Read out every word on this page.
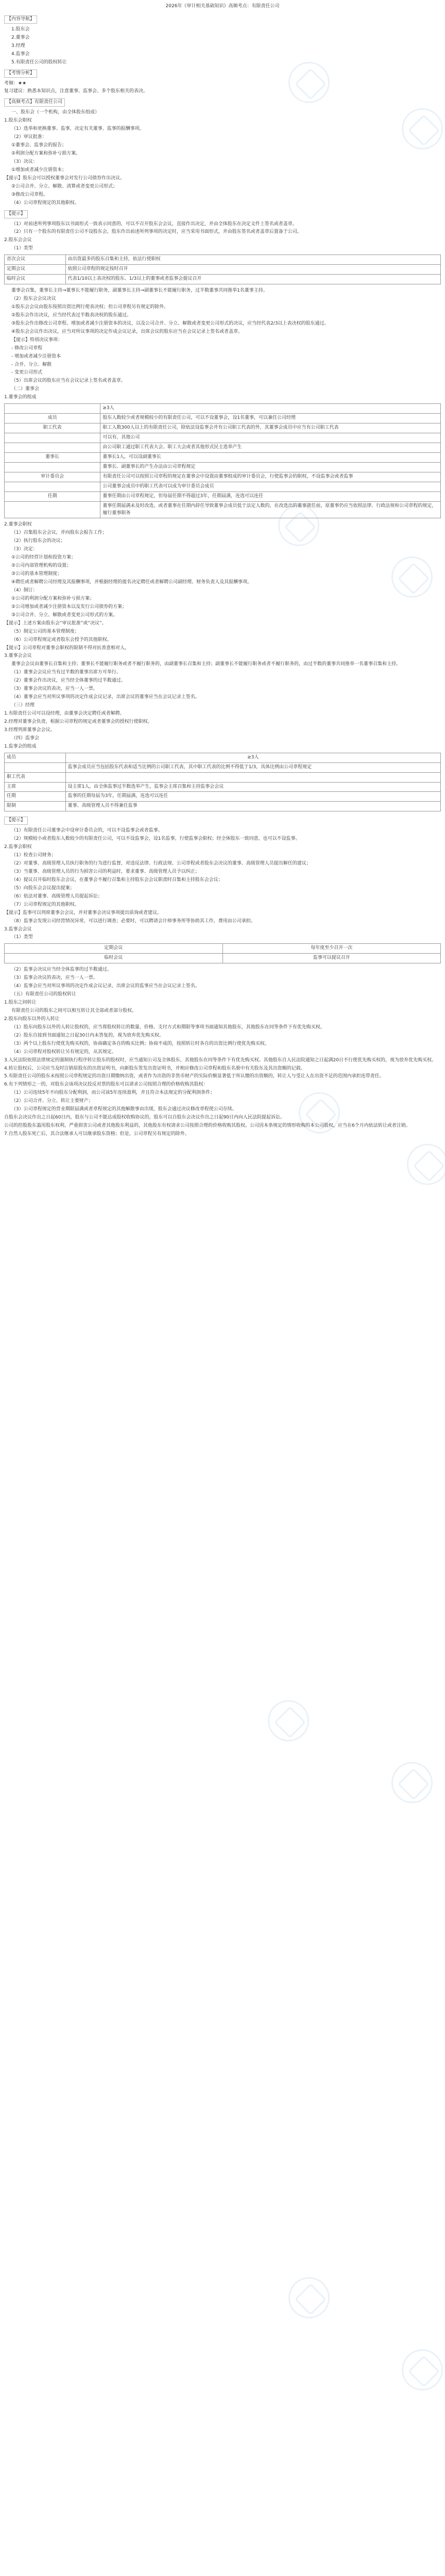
2026年《审计相关基础知识》高频考点：有限责任公司
【内容导航】
1.股东会
2.董事会
3.经理
4.监事会
5.有限责任公司的股权转让
【考情分析】
考频：★★
复习建议：熟悉本知识点，注意董事、监事会、多个股东相关的表决。
【高频考点】有限责任公司
一、股东会（一个机构，由全体股东组成）
1.股东会职权
（1）选举和更换董事、监事，决定有关董事、监事的报酬事项。
（2）审议批准：
①董事会、监事会的报告；
②利润分配方案和弥补亏损方案。
（3）决议：
①增加或者减少注册资本；
【提示】股东会可以授权董事会对发行公司债券作出决议。
②公司合并、分立、解散、清算或者变更公司形式；
③修改公司章程。
（4）公司章程规定的其他职权。
【提示】
（1）对前述所列事项股东以书面形式一致表示同意的，可以不召开股东会会议，直接作出决定，并由全体股东在决定文件上签名或者盖章。
（2）只有一个股东的有限责任公司不设股东会，股东作出前述所列事项的决定时，应当采用书面形式，并由股东签名或者盖章后置备于公司。
2.股东会会议
（1）类型
首次会议	由出资最多的股东召集和主持，依法行使职权
定期会议	依照公司章程的规定按时召开
临时会议	代表1/10以上表决权的股东、1/3以上的董事或者监事会提议召开
董事会召集，董事长主持→董事长不能履行职务，副董事长主持→副董事长不能履行职务，过半数董事共同推举1名董事主持。
（2）股东会会议决议
①股东会会议由股东按照出资比例行使表决权；但公司章程另有规定的除外。
②股东会作出决议，应当经代表过半数表决权的股东通过。
③股东会作出修改公司章程、增加或者减少注册资本的决议，以及公司合并、分立、解散或者变更公司形式的决议，应当经代表2/3以上表决权的股东通过。
④股东会会议作出决议，应当对所议事项的决定作成会议记录，出席会议的股东应当在会议记录上签名或者盖章。
【提示】特别决议事项：
- 修改公司章程
- 增加或者减少注册资本
- 合并、分立、解散
- 变更公司形式
（5）出席会议的股东应当在会议记录上签名或者盖章。
（二）董事会
1.董事会的组成
	≥3人
成员	股东人数较少或者规模较小的有限责任公司，可以不设董事会，设1名董事，可以兼任公司经理
职工代表	职工人数300人以上的有限责任公司，除依法设监事会并有公司职工代表的外，其董事会成员中应当有公司职工代表
	可以有，其他公司
	由公司职工通过职工代表大会、职工大会或者其他形式民主选举产生
董事长	董事长1人，可以设副董事长
	董事长、副董事长的产生办法由公司章程规定
审计委员会	有限责任公司可以按照公司章程的规定在董事会中设置由董事组成的审计委员会，行使监事会的职权，不设监事会或者监事
	公司董事会成员中的职工代表可以成为审计委员会成员
任期	董事任期由公司章程规定，但每届任期不得超过3年，任期届满，连选可以连任
	董事任期届满未及时改选，或者董事在任期内辞任导致董事会成员低于法定人数的，在改选出的董事就任前，原董事仍应当依照法律、行政法规和公司章程的规定，履行董事职务
2.董事会职权
（1）召集股东会会议，并向股东会报告工作；
（2）执行股东会的决议；
（3）决定：
①公司的经营计划和投资方案；
②公司内部管理机构的设置；
③公司的基本管理制度；
④聘任或者解聘公司经理及其报酬事项，并根据经理的提名决定聘任或者解聘公司副经理、财务负责人及其报酬事项。
（4）制订：
①公司的利润分配方案和弥补亏损方案；
②公司增加或者减少注册资本以及发行公司债券的方案；
③公司合并、分立、解散或者变更公司形式的方案。
【提示】上述方案由股东会“审议批准”或“决议”。
（5）制定公司的基本管理制度；
（6）公司章程规定或者股东会授予的其他职权。
【提示】公司章程对董事会职权的限制不得对抗善意相对人。
3.董事会会议
董事会会议由董事长召集和主持；董事长不能履行职务或者不履行职务的，由副董事长召集和主持；副董事长不能履行职务或者不履行职务的，由过半数的董事共同推举一名董事召集和主持。
（1）董事会会议应当有过半数的董事出席方可举行。
（2）董事会作出决议，应当经全体董事的过半数通过。
（3）董事会决议的表决，应当一人一票。
（4）董事会应当对所议事项的决定作成会议记录，出席会议的董事应当在会议记录上签名。
（三）经理
1.有限责任公司可以设经理，由董事会决定聘任或者解聘。
2.经理对董事会负责，根据公司章程的规定或者董事会的授权行使职权。
3.经理列席董事会会议。
（四）监事会
1.监事会的组成
成员	≥3人
	监事会成员应当包括股东代表和适当比例的公司职工代表，其中职工代表的比例不得低于1/3，具体比例由公司章程规定
职工代表	
主席	设主席1人，由全体监事过半数选举产生，监事会主席召集和主持监事会会议
任期	监事的任期每届为3年，任期届满，连选可以连任
限制	董事、高级管理人员不得兼任监事
【提示】
（1）有限责任公司董事会中设审计委员会的，可以不设监事会或者监事。
（2）规模较小或者股东人数较少的有限责任公司，可以不设监事会，设1名监事，行使监事会职权；经全体股东一致同意，也可以不设监事。
2.监事会职权
（1）检查公司财务；
（2）对董事、高级管理人员执行职务的行为进行监督，对违反法律、行政法规、公司章程或者股东会决议的董事、高级管理人员提出解任的建议；
（3）当董事、高级管理人员的行为损害公司的利益时，要求董事、高级管理人员予以纠正；
（4）提议召开临时股东会会议，在董事会不履行召集和主持股东会会议职责时召集和主持股东会会议；
（5）向股东会会议提出提案；
（6）依法对董事、高级管理人员提起诉讼；
（7）公司章程规定的其他职权。
【提示】监事可以列席董事会会议，并对董事会决议事项提出质询或者建议。
（8）监事会发现公司经营情况异常，可以进行调查；必要时，可以聘请会计师事务所等协助其工作，费用由公司承担。
3.监事会会议
（1）类型
定期会议	每年度至少召开一次
临时会议	监事可以提议召开
（2）监事会决议应当经全体监事的过半数通过。
（3）监事会决议的表决，应当一人一票。
（4）监事会应当对所议事项的决定作成会议记录，出席会议的监事应当在会议记录上签名。
（五）有限责任公司的股权转让
1.股东之间转让
有限责任公司的股东之间可以相互转让其全部或者部分股权。
2.股东向股东以外的人转让
（1）股东向股东以外的人转让股权的，应当将股权转让的数量、价格、支付方式和期限等事项书面通知其他股东，其他股东在同等条件下有优先购买权。
（2）股东自接到书面通知之日起30日内未答复的，视为放弃优先购买权。
（3）两个以上股东行使优先购买权的，协商确定各自的购买比例；协商不成的，按照转让时各自的出资比例行使优先购买权。
（4）公司章程对股权转让另有规定的，从其规定。
3.人民法院依照法律规定的强制执行程序转让股东的股权时，应当通知公司及全体股东，其他股东在同等条件下有优先购买权。其他股东自人民法院通知之日起满20日不行使优先购买权的，视为放弃优先购买权。
4.转让股权后，公司应当及时注销原股东的出资证明书，向新股东签发出资证明书，并相应修改公司章程和股东名册中有关股东及其出资额的记载。
5.有限责任公司的股东未按照公司章程规定的出资日期缴纳出资，或者作为出资的非货币财产的实际价额显著低于所认缴的出资额的，转让人与受让人在出资不足的范围内承担连带责任。
6.有下列情形之一的，对股东会该项决议投反对票的股东可以请求公司按照合理的价格收购其股权：
（1）公司连续5年不向股东分配利润，而公司该5年连续盈利，并且符合本法规定的分配利润条件；
（2）公司合并、分立、转让主要财产；
（3）公司章程规定的营业期限届满或者章程规定的其他解散事由出现，股东会通过决议修改章程使公司存续。
自股东会决议作出之日起60日内，股东与公司不能达成股权收购协议的，股东可以自股东会决议作出之日起90日内向人民法院提起诉讼。
公司的控股股东滥用股东权利，严重损害公司或者其他股东利益的，其他股东有权请求公司按照合理的价格收购其股权。公司因本条规定的情形收购的本公司股权，应当在6个月内依法转让或者注销。
7.自然人股东死亡后，其合法继承人可以继承股东资格；但是，公司章程另有规定的除外。
